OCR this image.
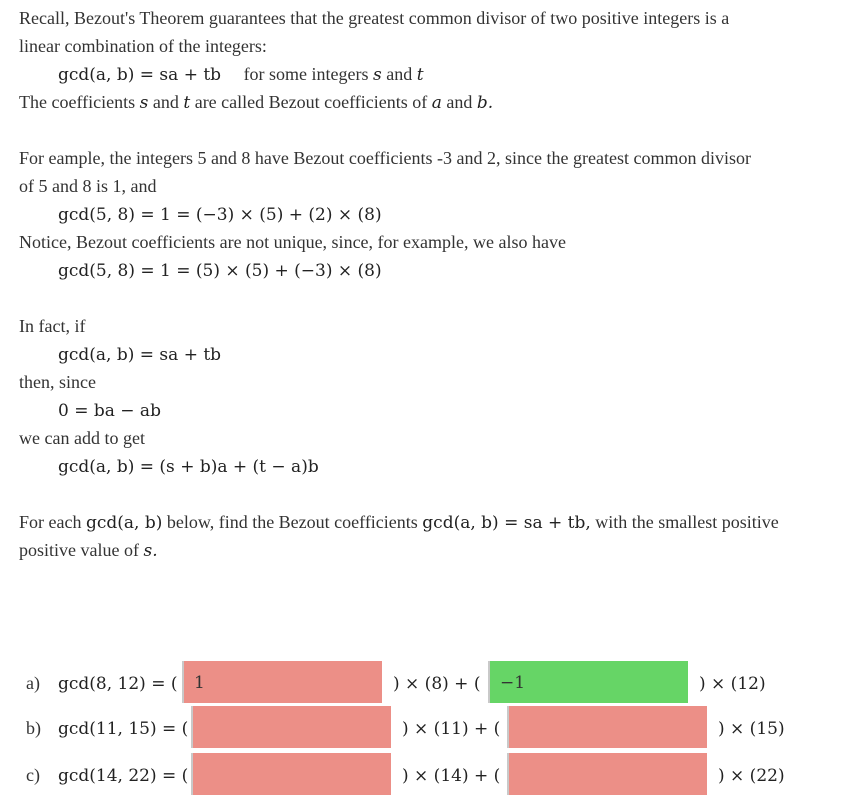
Recall, Bezout's Theorem guarantees that the greatest common divisor of two positive integers is a
linear combination of the integers:
gcd(a, b) = sa + tb for some integers s and t
The coefficients s and t are called Bezout coefficients of a and b.
For eample, the integers 5 and 8 have Bezout coefficients -3 and 2, since the greatest common divisor
of 5 and 8 is 1, and
gcd(5, 8) = 1 = (−3) × (5) + (2) × (8)
Notice, Bezout coefficients are not unique, since, for example, we also have
gcd(5, 8) = 1 = (5) × (5) + (−3) × (8)
In fact, if
gcd(a, b) = sa + tb
then, since
0 = ba − ab
we can add to get
gcd(a, b) = (s + b)a + (t − a)b
For each gcd(a, b) below, find the Bezout coefficients gcd(a, b) = sa + tb, with the smallest positive
positive value of s.
a) gcd(8, 12) = ( 1	) × (8) + (	−1	) × (12)
b) gcd(11, 15) = (	) × (11) + (	) × (15)
c) gcd(14, 22) = (	) × (14) + (	) × (22)
